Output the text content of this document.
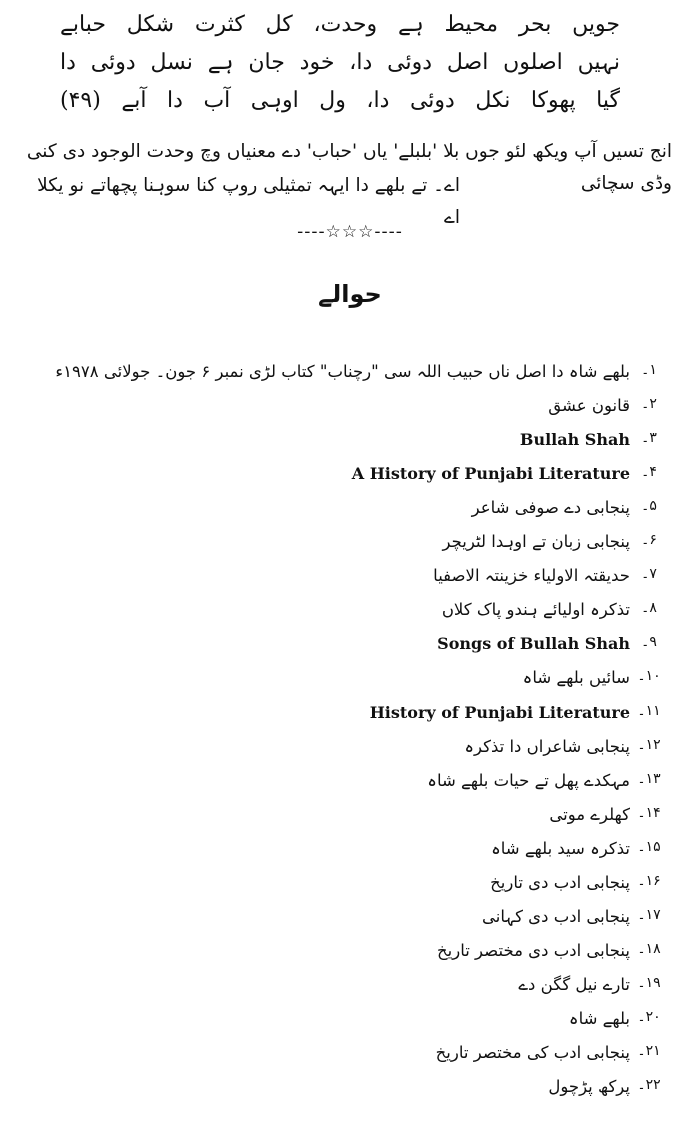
جویں بحر محیط ہے وحدت، کل کثرت شکل حبابے
نہیں اصلوں اصل دوئی دا، خود جان ہے نسل دوئی دا
گیا پھوکا نکل دوئی دا، ول اوہی آب دا آبے (۴۹)
انج تسیں آپ ویکھ لئو جوں بلا 'بلبلے' یاں 'حباب' دے معنیاں وچ وحدت الوجود دی کنی وڈی سچائی
اے۔ تے بلھے دا ایہہ تمثیلی روپ کنا سوہنا پچھاتے نو یکلا اے
----☆☆☆----
حوالے
۱۔
بلھے شاہ دا اصل ناں حبیب اللہ سی "رچناب" کتاب لڑی نمبر ۶ جون۔ جولائی ۱۹۷۸ء
۲۔
قانون عشق
۳۔
Bullah Shah
۴۔
A History of Punjabi Literature
۵۔
پنجابی دے صوفی شاعر
۶۔
پنجابی زبان تے اوہدا لٹریچر
۷۔
حدیقتہ الاولیاء خزینتہ الاصفیا
۸۔
تذکرہ اولیائے ہندو پاک کلاں
۹۔
Songs of Bullah Shah
۱۰۔
سائیں بلھے شاہ
۱۱۔
History of Punjabi Literature
۱۲۔
پنجابی شاعراں دا تذکرہ
۱۳۔
مہکدے پھل تے حیات بلھے شاہ
۱۴۔
کھلرے موتی
۱۵۔
تذکرہ سید بلھے شاہ
۱۶۔
پنجابی ادب دی تاریخ
۱۷۔
پنجابی ادب دی کہانی
۱۸۔
پنجابی ادب دی مختصر تاریخ
۱۹۔
تارے نیل گگن دے
۲۰۔
بلھے شاہ
۲۱۔
پنجابی ادب کی مختصر تاریخ
۲۲۔
پرکھ پڑچول
